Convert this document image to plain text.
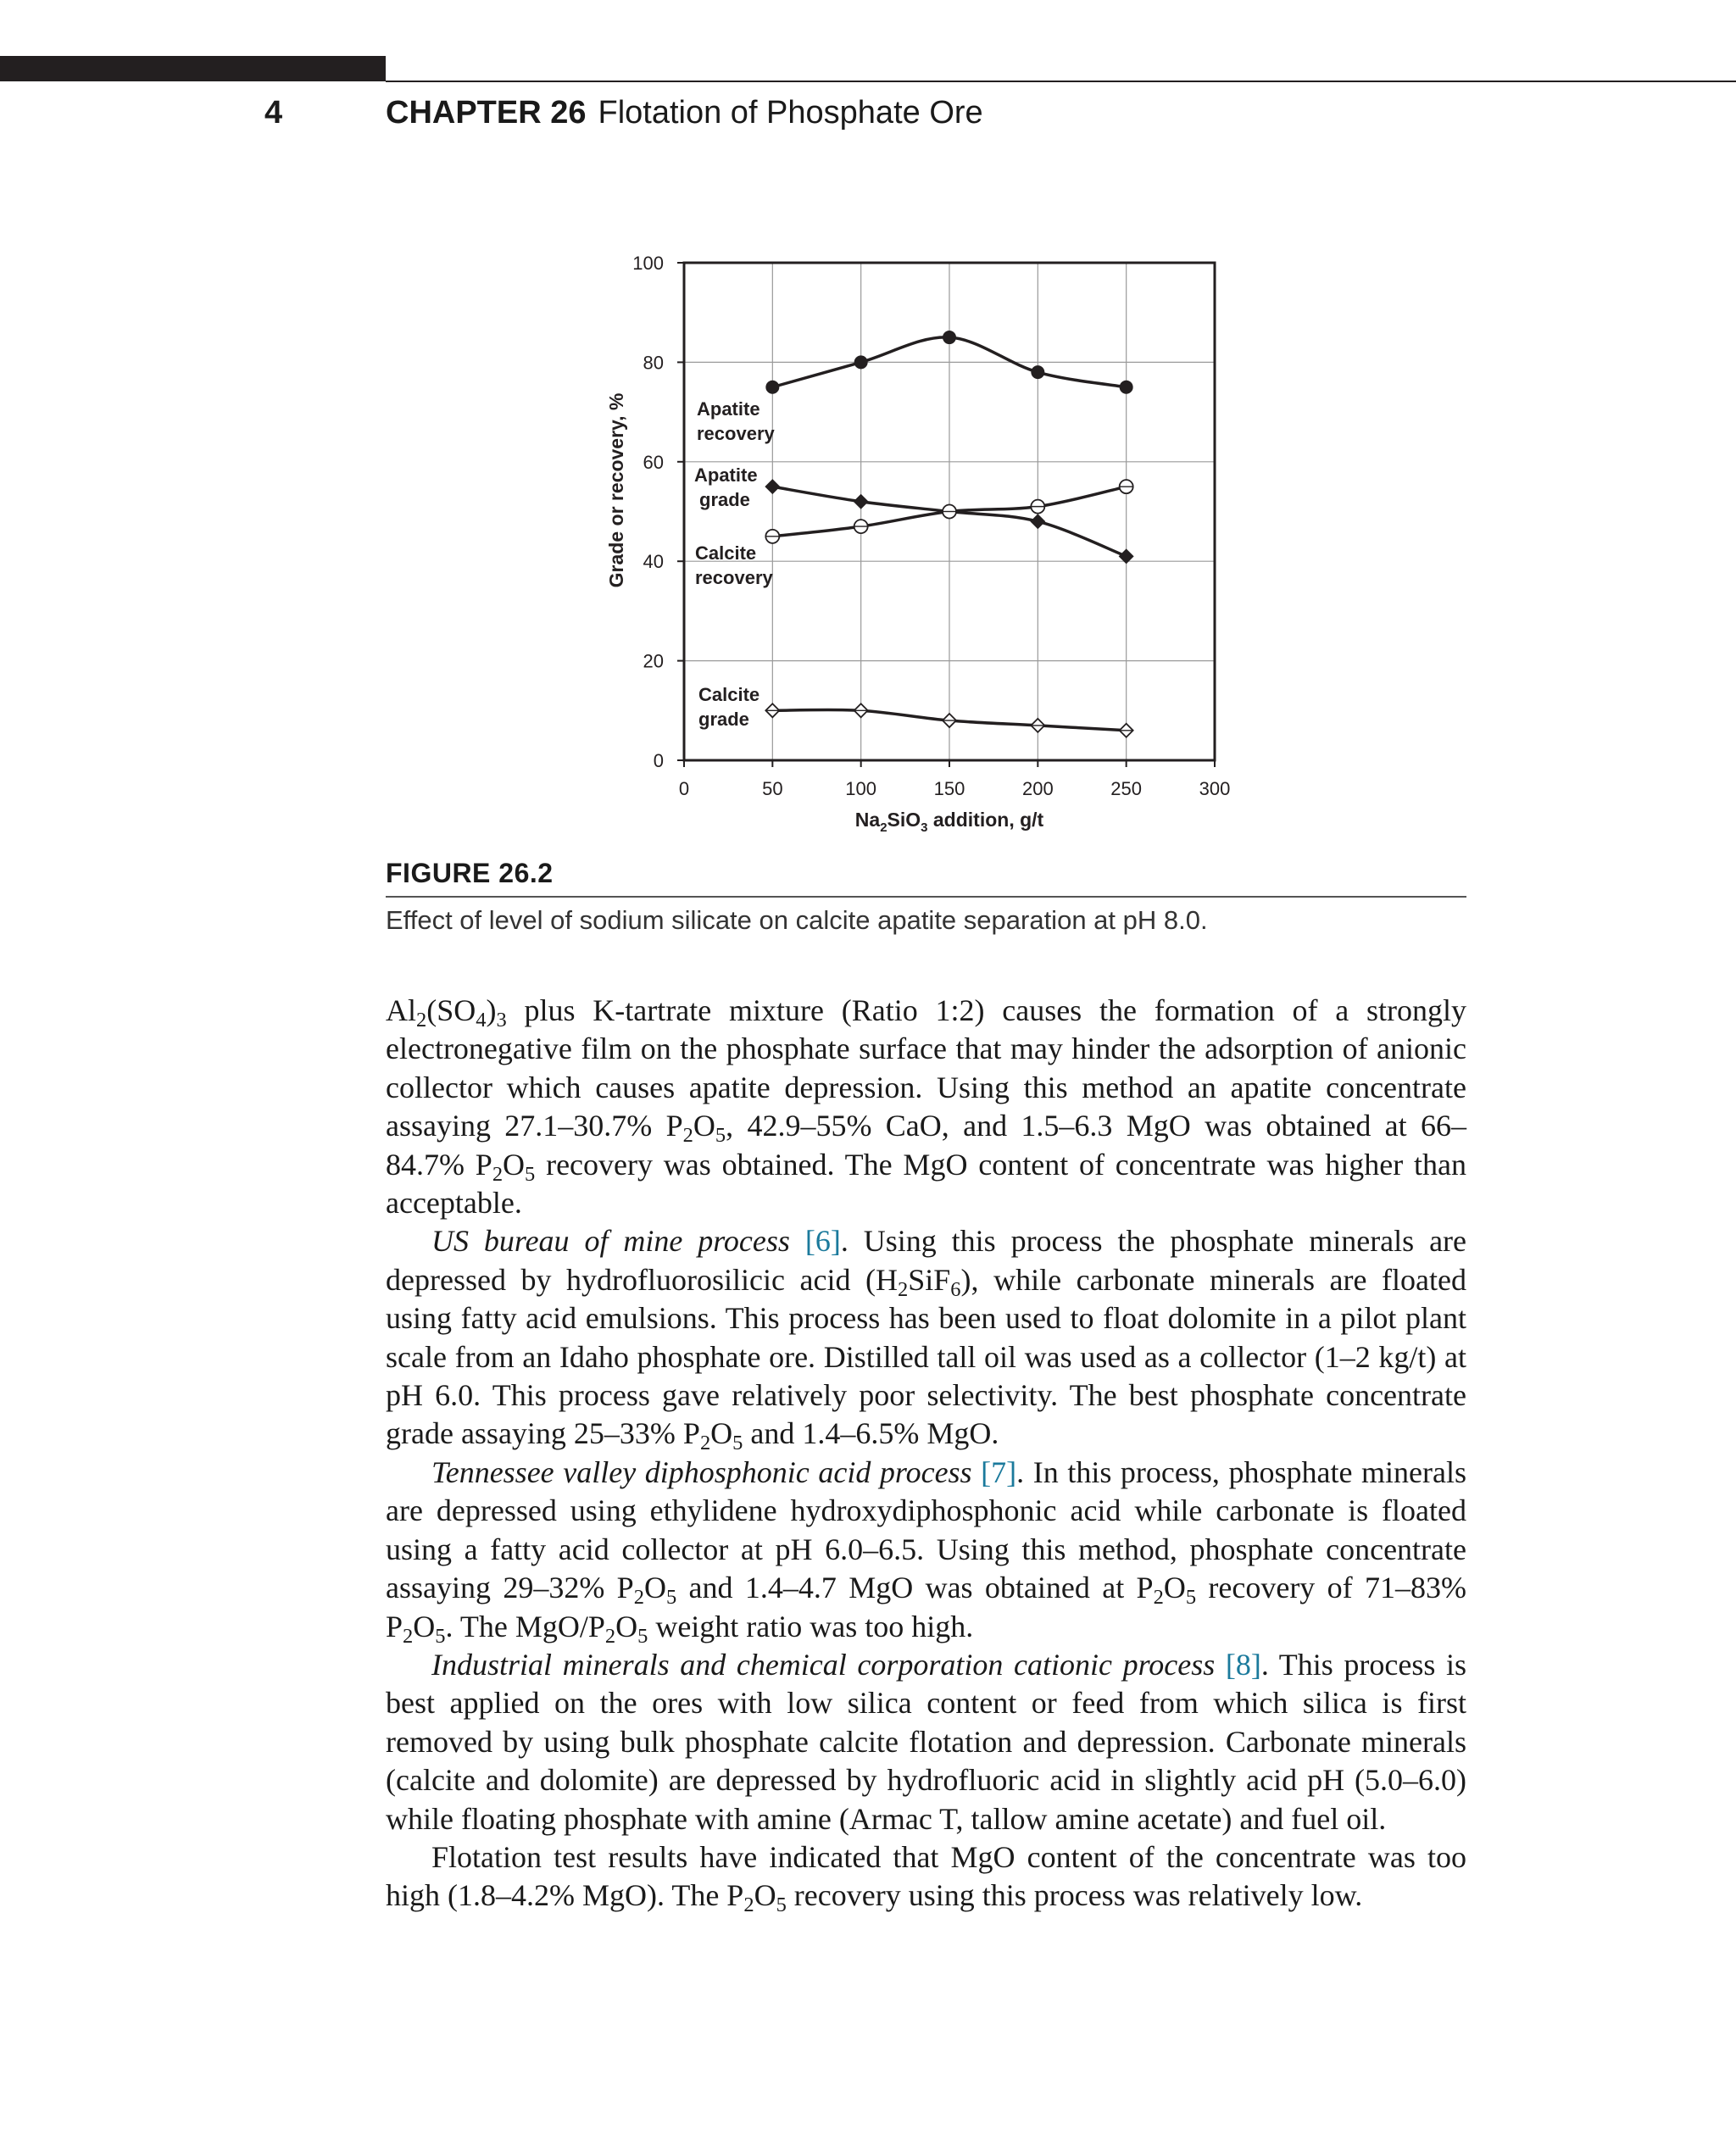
4	CHAPTER 26 Flotation of Phosphate Ore
0	50	100	150	200	250	300
0
20
40
60
80
100
$Na_2SiO_3$ addition, g/t
Grade or recovery, %	Apatite recovery
Apatite grade
Calcite recovery
Calcite grade
FIGURE 26.2
Effect of level of sodium silicate on calcite apatite separation at pH 8.0.

$Al_2(SO_4)_3$ plus K-tartrate mixture (Ratio 1:2) causes the formation of a strongly electronegative film on the phosphate surface that may hinder the adsorption of anionic collector which causes apatite depression. Using this method an apatite concentrate assaying 27.1–30.7% $P_2O_5$, 42.9–55% CaO, and 1.5–6.3 MgO was obtained at 66–84.7% $P_2O_5$ recovery was obtained. The MgO content of concentrate was higher than acceptable.

US bureau of mine process [6]. Using this process the phosphate minerals are depressed by hydrofluorosilicic acid $(H_2SiF_6)$, while carbonate minerals are floated using fatty acid emulsions. This process has been used to float dolomite in a pilot plant scale from an Idaho phosphate ore. Distilled tall oil was used as a collector (1–2 kg/t) at pH 6.0. This process gave relatively poor selectivity. The best phosphate concentrate grade assaying 25–33% $P_2O_5$ and 1.4–6.5% MgO.

Tennessee valley diphosphonic acid process [7]. In this process, phosphate minerals are depressed using ethylidene hydroxydiphosphonic acid while carbonate is floated using a fatty acid collector at pH 6.0–6.5. Using this method, phosphate concentrate assaying 29–32% $P_2O_5$ and 1.4–4.7 MgO was obtained at $P_2O_5$ recovery of 71–83% $P_2O_5$. The MgO/$P_2O_5$ weight ratio was too high.

Industrial minerals and chemical corporation cationic process [8]. This process is best applied on the ores with low silica content or feed from which silica is first removed by using bulk phosphate calcite flotation and depression. Carbonate minerals (calcite and dolomite) are depressed by hydrofluoric acid in slightly acid pH (5.0–6.0) while floating phosphate with amine (Armac T, tallow amine acetate) and fuel oil.

Flotation test results have indicated that MgO content of the concentrate was too high (1.8–4.2% MgO). The $P_2O_5$ recovery using this process was relatively low.
